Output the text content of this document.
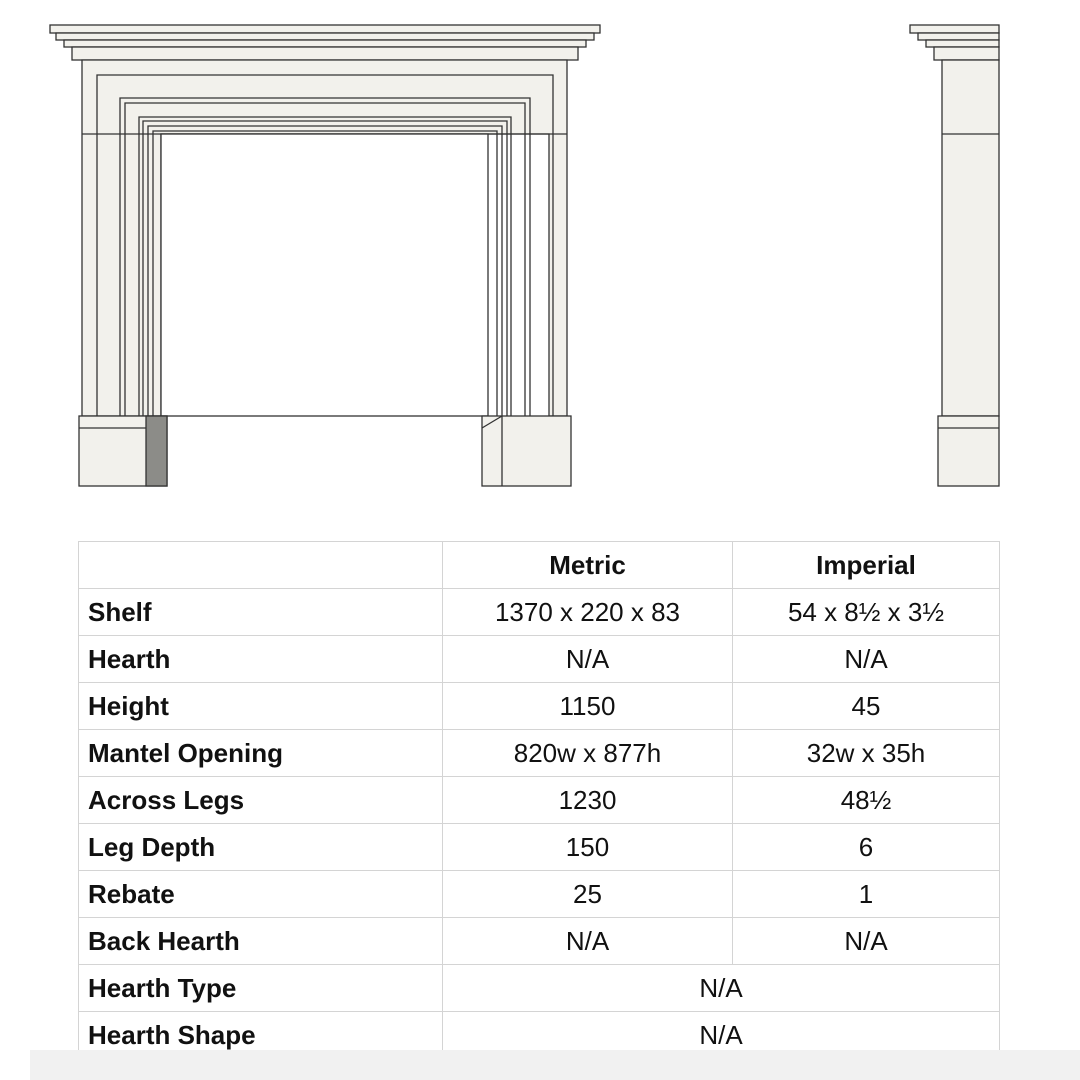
	Metric	Imperial
Shelf	1370 x 220 x 83	54 x 8½ x 3½
Hearth	N/A	N/A
Height	1150	45
Mantel Opening	820w x 877h	32w x 35h
Across Legs	1230	48½
Leg Depth	150	6
Rebate	25	1
Back Hearth	N/A	N/A
Hearth Type	N/A	
Hearth Shape	N/A	
